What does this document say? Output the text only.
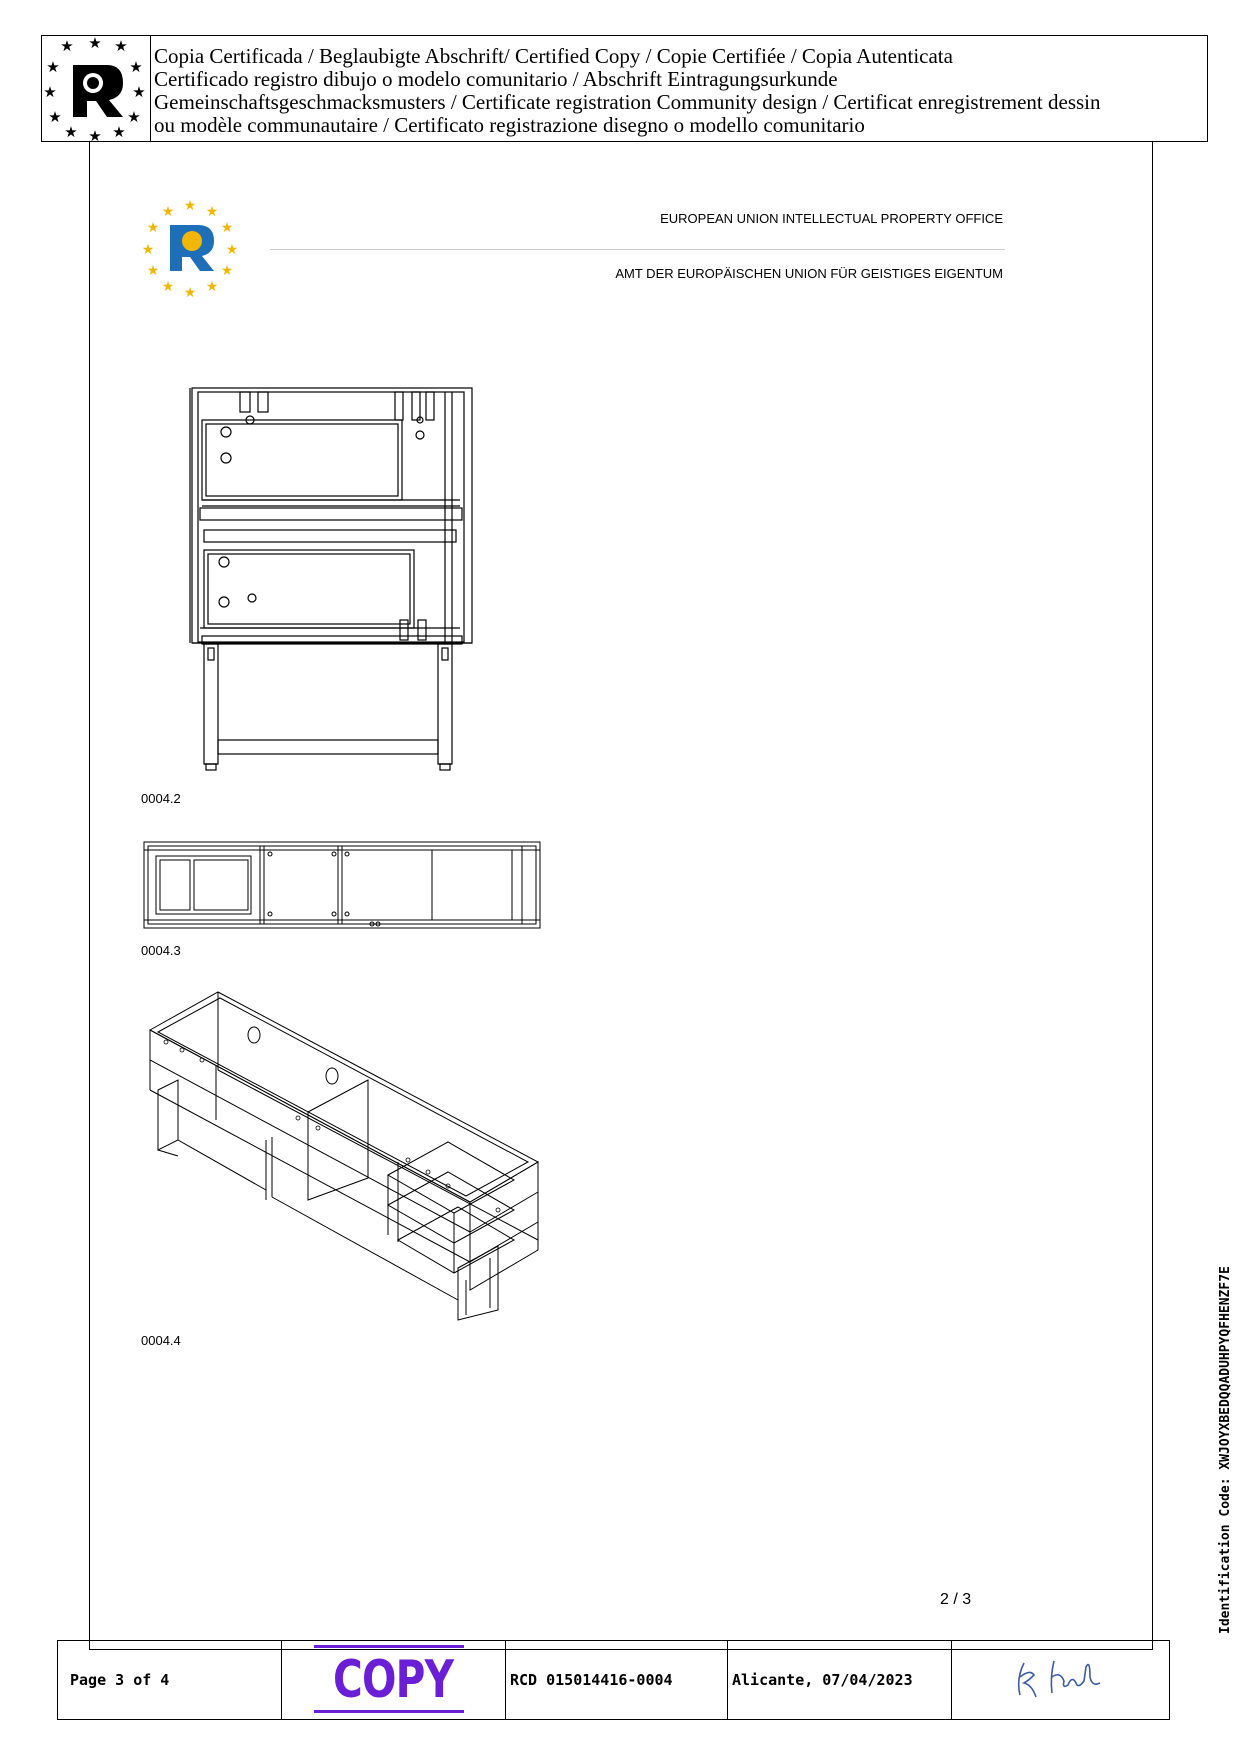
★ ★ ★
★	★
★	★
★	★
★ ★ ★
Copia Certificada / Beglaubigte Abschrift/ Certified Copy / Copie Certifiée / Copia Autenticata
Certificado registro dibujo o modelo comunitario / Abschrift Eintragungsurkunde
Gemeinschaftsgeschmacksmusters / Certificate registration Community design / Certificat enregistrement dessin
ou modèle communautaire / Certificato registrazione disegno o modello comunitario
★
★ ★
★	★
★	★
★	★
★ ★
★
EUROPEAN UNION INTELLECTUAL PROPERTY OFFICE
AMT DER EUROPÄISCHEN UNION FÜR GEISTIGES EIGENTUM
0004.2
0004.3
0004.4
2 / 3	Identification Code: XWJOYXBEDQQADUHPYQFHENZF7E
Page 3 of 4	COPY	RCD 015014416-0004	Alicante, 07/04/2023
